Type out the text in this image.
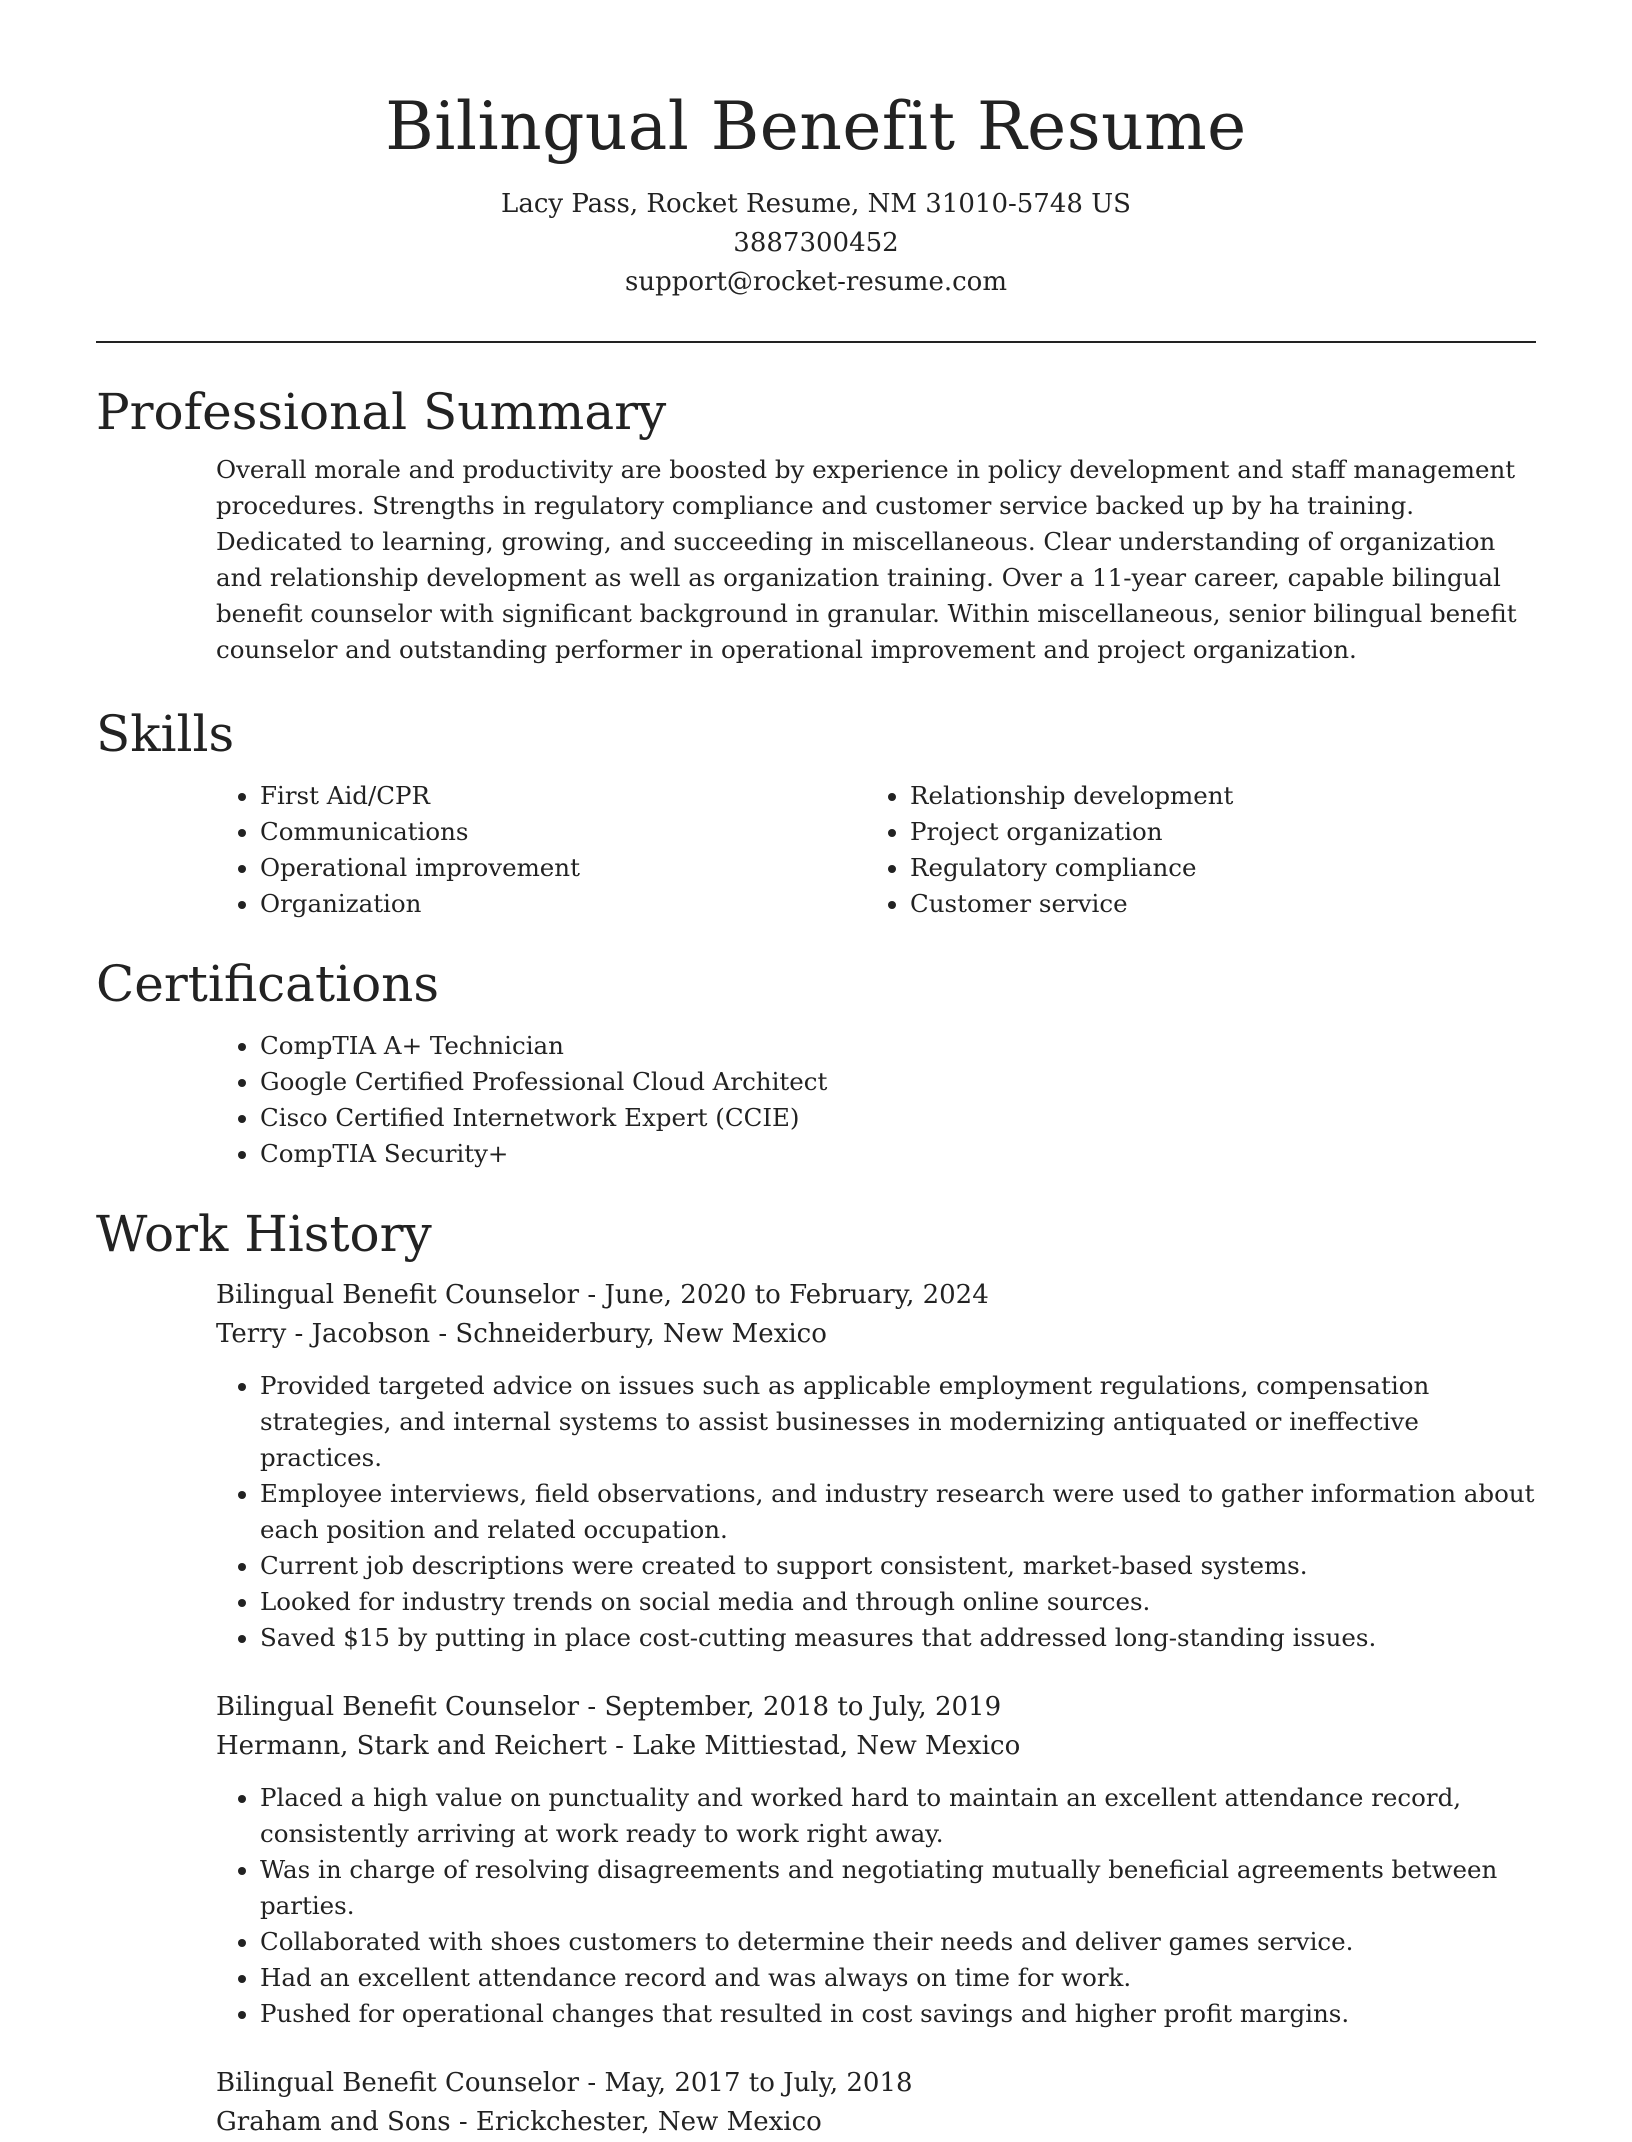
Bilingual Benefit Resume
Lacy Pass, Rocket Resume, NM 31010-5748 US
3887300452
support@rocket-resume.com
Professional Summary

Overall morale and productivity are boosted by experience in policy development and staff management procedures. Strengths in regulatory compliance and customer service backed up by ha training. Dedicated to learning, growing, and succeeding in miscellaneous. Clear understanding of organization and relationship development as well as organization training. Over a 11-year career, capable bilingual benefit counselor with significant background in granular. Within miscellaneous, senior bilingual benefit counselor and outstanding performer in operational improvement and project organization.

Skills
• First Aid/CPR
• Communications
• Operational improvement
• Organization
• Relationship development
• Project organization
• Regulatory compliance
• Customer service
Certifications
• CompTIA A+ Technician
• Google Certified Professional Cloud Architect
• Cisco Certified Internetwork Expert (CCIE)
• CompTIA Security+
Work History
Bilingual Benefit Counselor - June, 2020 to February, 2024
Terry - Jacobson - Schneiderbury, New Mexico
• Provided targeted advice on issues such as applicable employment regulations, compensation strategies, and internal systems to assist businesses in modernizing antiquated or ineffective practices.
• Employee interviews, field observations, and industry research were used to gather information about each position and related occupation.
• Current job descriptions were created to support consistent, market-based systems.
• Looked for industry trends on social media and through online sources.
• Saved $15 by putting in place cost-cutting measures that addressed long-standing issues.
Bilingual Benefit Counselor - September, 2018 to July, 2019
Hermann, Stark and Reichert - Lake Mittiestad, New Mexico
• Placed a high value on punctuality and worked hard to maintain an excellent attendance record, consistently arriving at work ready to work right away.
• Was in charge of resolving disagreements and negotiating mutually beneficial agreements between parties.
• Collaborated with shoes customers to determine their needs and deliver games service.
• Had an excellent attendance record and was always on time for work.
• Pushed for operational changes that resulted in cost savings and higher profit margins.
Bilingual Benefit Counselor - May, 2017 to July, 2018
Graham and Sons - Erickchester, New Mexico
